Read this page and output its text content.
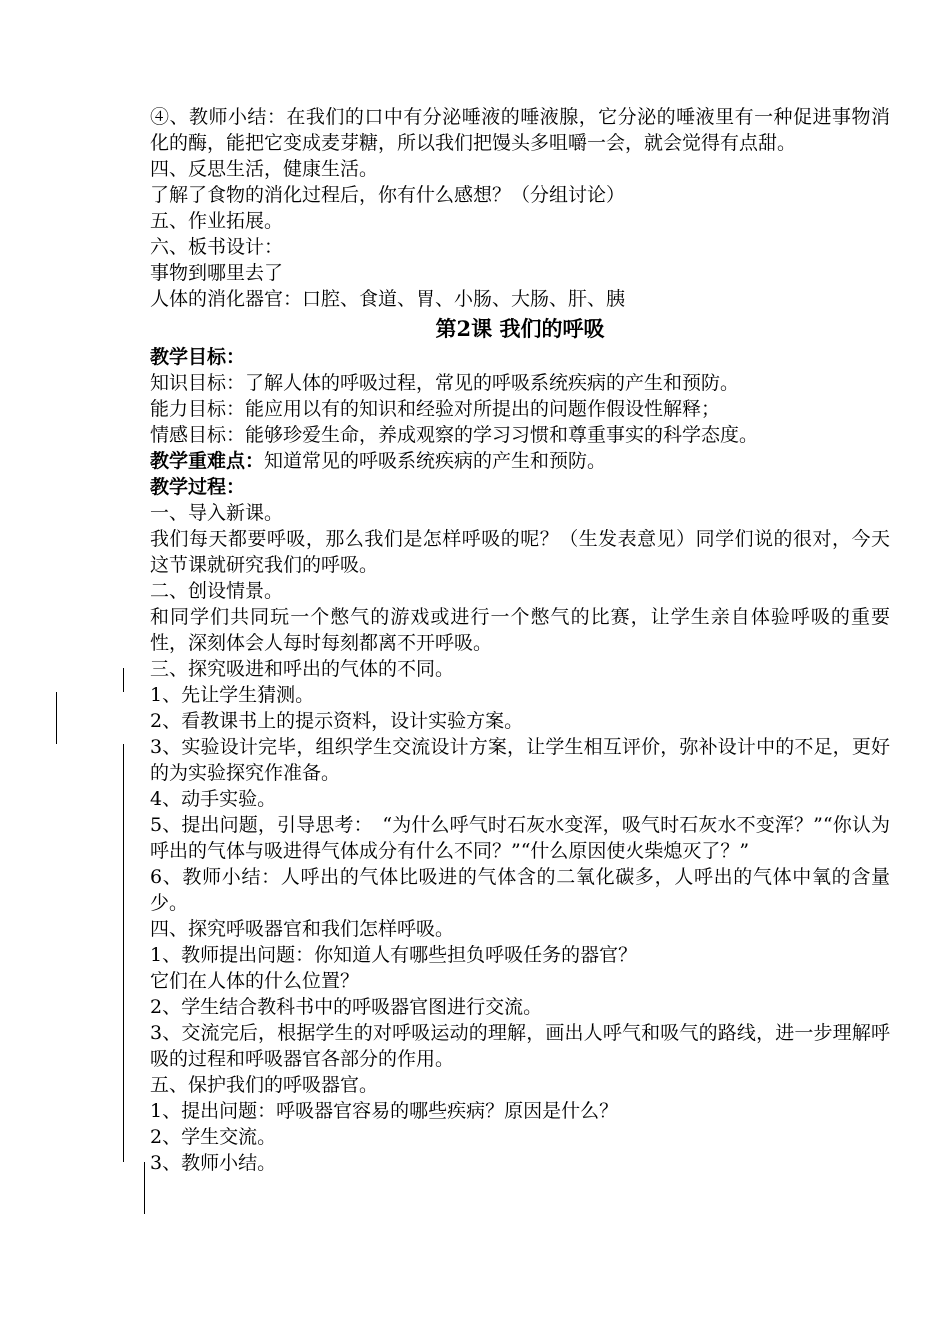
④、教师小结：在我们的口中有分泌唾液的唾液腺，它分泌的唾液里有一种促进事物消化的酶，能把它变成麦芽糖，所以我们把馒头多咀嚼一会，就会觉得有点甜。

四、反思生活，健康生活。

了解了食物的消化过程后，你有什么感想？（分组讨论）

五、作业拓展。

六、板书设计：

事物到哪里去了

人体的消化器官：口腔、食道、胃、小肠、大肠、肝、胰

第2课 我们的呼吸

教学目标：

知识目标：了解人体的呼吸过程，常见的呼吸系统疾病的产生和预防。

能力目标：能应用以有的知识和经验对所提出的问题作假设性解释；

情感目标：能够珍爱生命，养成观察的学习习惯和尊重事实的科学态度。

教学重难点：知道常见的呼吸系统疾病的产生和预防。

教学过程：

一、导入新课。

我们每天都要呼吸，那么我们是怎样呼吸的呢？（生发表意见）同学们说的很对，今天这节课就研究我们的呼吸。

二、创设情景。

和同学们共同玩一个憋气的游戏或进行一个憋气的比赛，让学生亲自体验呼吸的重要性，深刻体会人每时每刻都离不开呼吸。

三、探究吸进和呼出的气体的不同。

1、先让学生猜测。

2、看教课书上的提示资料，设计实验方案。

3、实验设计完毕，组织学生交流设计方案，让学生相互评价，弥补设计中的不足，更好的为实验探究作准备。

4、动手实验。

5、提出问题，引导思考：　“为什么呼气时石灰水变浑，吸气时石灰水不变浑？”“你认为呼出的气体与吸进得气体成分有什么不同？”“什么原因使火柴熄灭了？”

6、教师小结：人呼出的气体比吸进的气体含的二氧化碳多，人呼出的气体中氧的含量少。

四、探究呼吸器官和我们怎样呼吸。

1、教师提出问题：你知道人有哪些担负呼吸任务的器官？

它们在人体的什么位置？

2、学生结合教科书中的呼吸器官图进行交流。

3、交流完后，根据学生的对呼吸运动的理解，画出人呼气和吸气的路线，进一步理解呼吸的过程和呼吸器官各部分的作用。

五、保护我们的呼吸器官。

1、提出问题：呼吸器官容易的哪些疾病？原因是什么？

2、学生交流。

3、教师小结。
